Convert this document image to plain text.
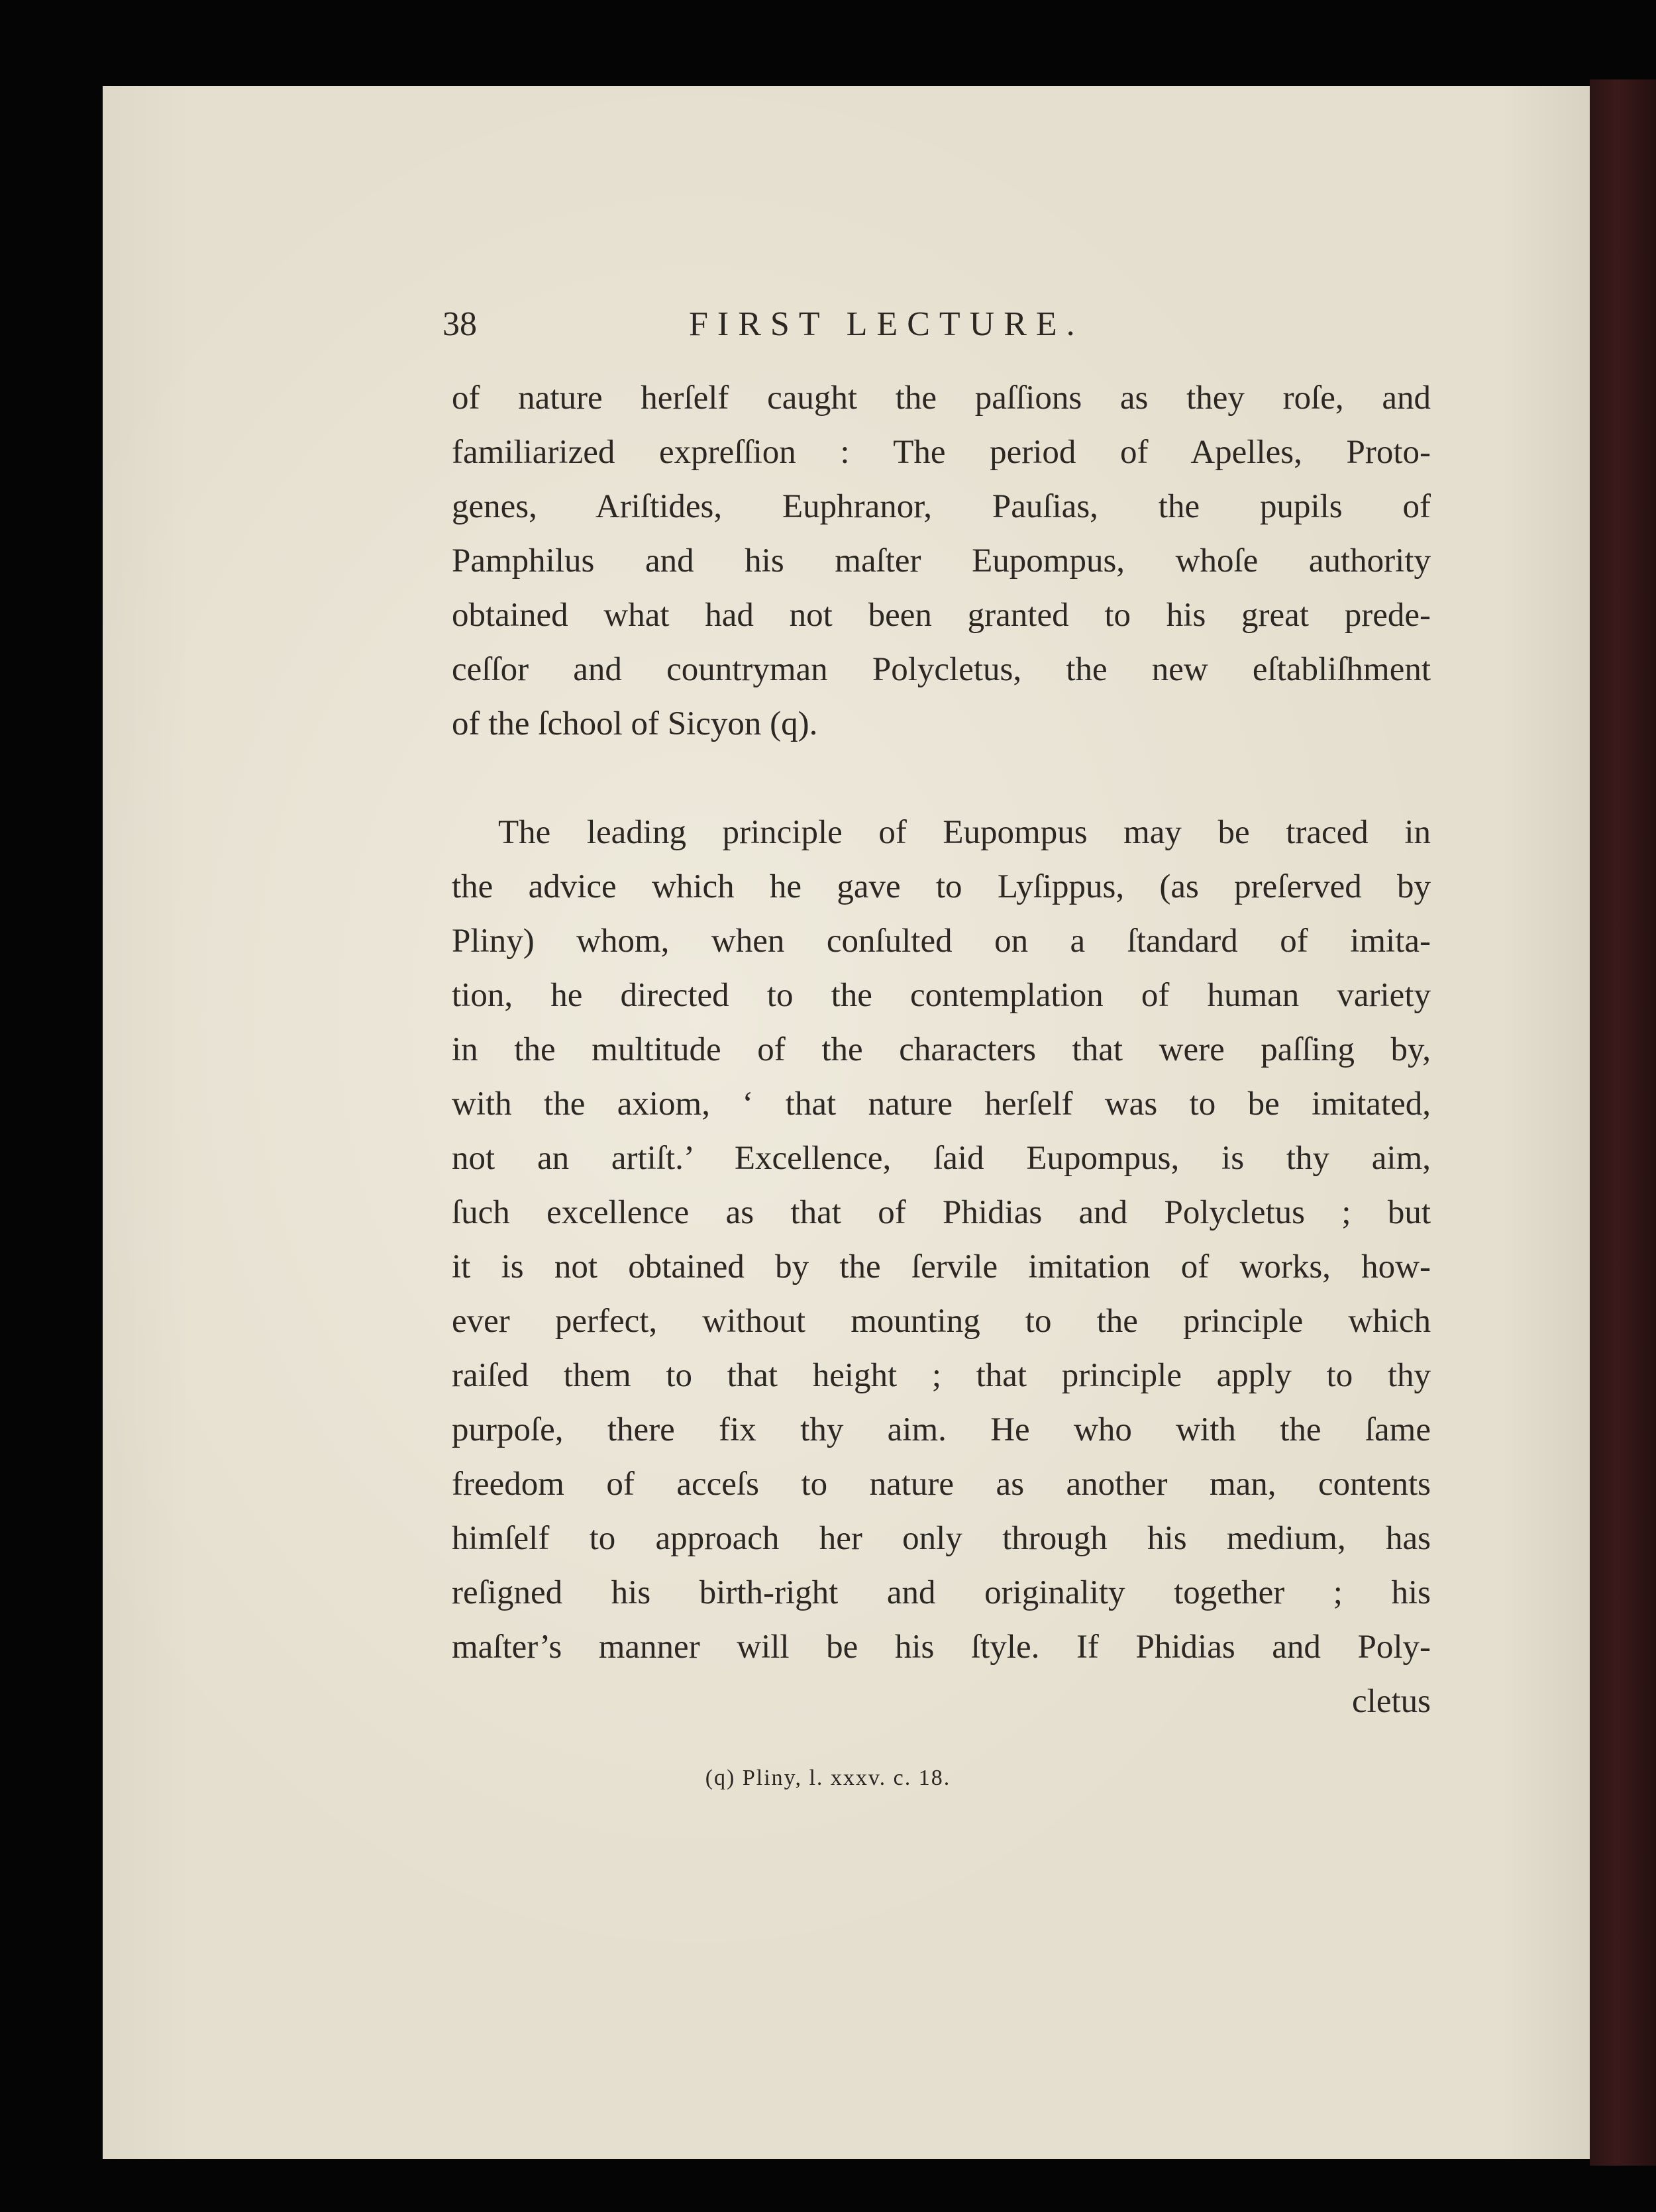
38	FIRST LECTURE.
of nature herſelf caught the paſſions as they roſe, and
familiarized expreſſion : The period of Apelles, Proto-
genes, Ariſtides, Euphranor, Pauſias, the pupils of
Pamphilus and his maſter Eupompus, whoſe authority
obtained what had not been granted to his great prede-
ceſſor and countryman Polycletus, the new eſtabliſhment
of the ſchool of Sicyon (q).
The leading principle of Eupompus may be traced in
the advice which he gave to Lyſippus, (as preſerved by
Pliny) whom, when conſulted on a ſtandard of imita-
tion, he directed to the contemplation of human variety
in the multitude of the characters that were paſſing by,
with the axiom, ‘ that nature herſelf was to be imitated,
not an artiſt.’ Excellence, ſaid Eupompus, is thy aim,
ſuch excellence as that of Phidias and Polycletus ; but
it is not obtained by the ſervile imitation of works, how-
ever perfect, without mounting to the principle which
raiſed them to that height ; that principle apply to thy
purpoſe, there fix thy aim. He who with the ſame
freedom of acceſs to nature as another man, contents
himſelf to approach her only through his medium, has
reſigned his birth-right and originality together ; his
maſter’s manner will be his ſtyle. If Phidias and Poly-
cletus
(q) Pliny, l. xxxv. c. 18.
